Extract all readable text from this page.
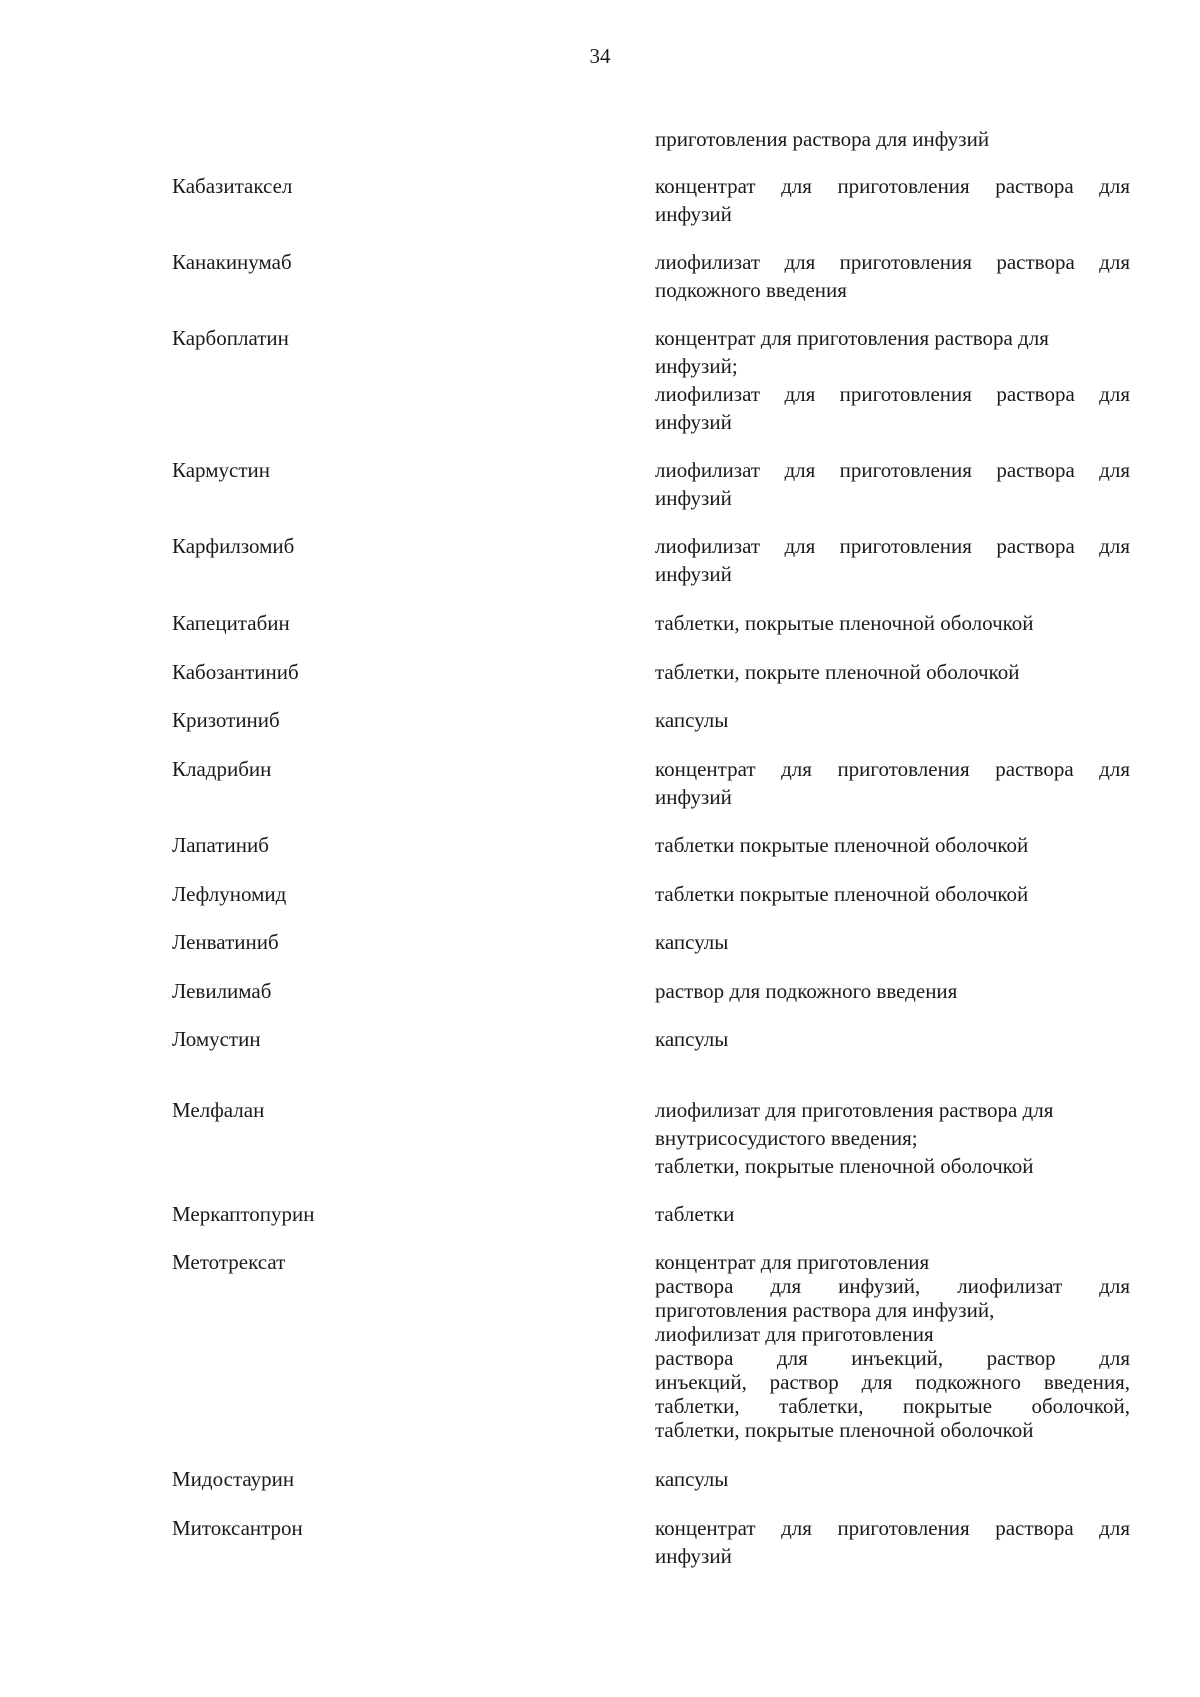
34
приготовления раствора для инфузий
Кабазитаксел	концентрат для приготовления раствора для
инфузий
Канакинумаб	лиофилизат для приготовления раствора для
подкожного введения
Карбоплатин	концентрат для приготовления раствора для
инфузий;
лиофилизат для приготовления раствора для
инфузий
Кармустин	лиофилизат для приготовления раствора для
инфузий
Карфилзомиб	лиофилизат для приготовления раствора для
инфузий
Капецитабин	таблетки, покрытые пленочной оболочкой
Кабозантиниб	таблетки, покрыте пленочной оболочкой
Кризотиниб	капсулы
Кладрибин	концентрат для приготовления раствора для
инфузий
Лапатиниб	таблетки покрытые пленочной оболочкой
Лефлуномид	таблетки покрытые пленочной оболочкой
Ленватиниб	капсулы
Левилимаб	раствор для подкожного введения
Ломустин	капсулы
Мелфалан	лиофилизат для приготовления раствора для
внутрисосудистого введения;
таблетки, покрытые пленочной оболочкой
Меркаптопурин	таблетки
Метотрексат	концентрат для приготовления
раствора для инфузий, лиофилизат для
приготовления раствора для инфузий,
лиофилизат для приготовления
раствора для инъекций, раствор для
инъекций, раствор для подкожного введения,
таблетки, таблетки, покрытые оболочкой,
таблетки, покрытые пленочной оболочкой
Мидостаурин	капсулы
Митоксантрон	концентрат для приготовления раствора для
инфузий
